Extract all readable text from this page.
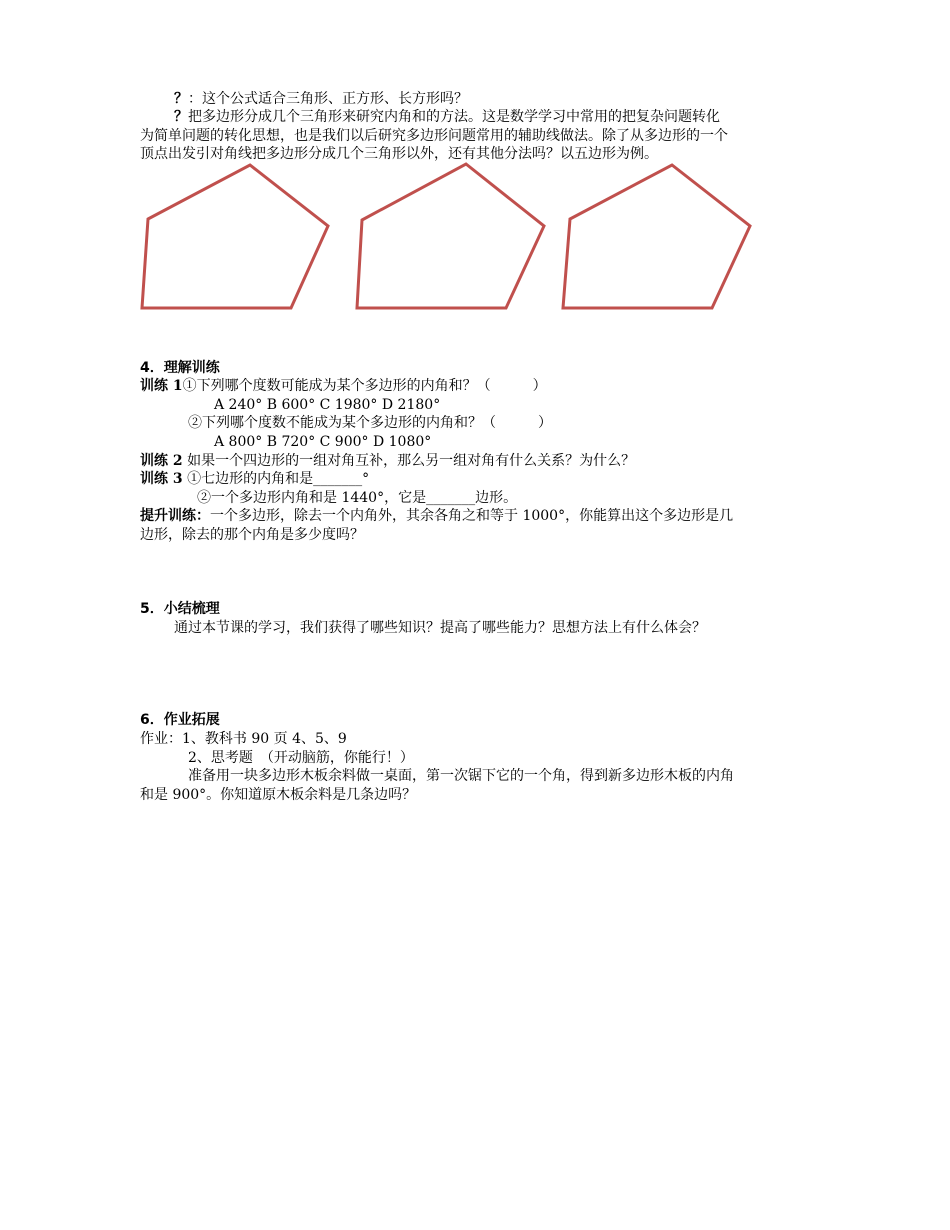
？：这个公式适合三角形、正方形、长方形吗？
？把多边形分成几个三角形来研究内角和的方法。这是数学学习中常用的把复杂问题转化
为简单问题的转化思想，也是我们以后研究多边形问题常用的辅助线做法。除了从多边形的一个
顶点出发引对角线把多边形分成几个三角形以外，还有其他分法吗？以五边形为例。
4．理解训练
训练 1①下列哪个度数可能成为某个多边形的内角和？（　　　）
A 240° B 600° C 1980° D 2180°
②下列哪个度数不能成为某个多边形的内角和？（　　　）
A 800° B 720° C 900° D 1080°
训练 2 如果一个四边形的一组对角互补，那么另一组对角有什么关系？为什么？
训练 3 ①七边形的内角和是_______°
②一个多边形内角和是 1440°，它是_______边形。
提升训练：一个多边形，除去一个内角外，其余各角之和等于 1000°，你能算出这个多边形是几
边形，除去的那个内角是多少度吗？
5．小结梳理
通过本节课的学习，我们获得了哪些知识？提高了哪些能力？思想方法上有什么体会？
6．作业拓展
作业：1、教科书 90 页 4、5、9
2、思考题　（开动脑筋，你能行！）
准备用一块多边形木板余料做一桌面，第一次锯下它的一个角，得到新多边形木板的内角
和是 900°。你知道原木板余料是几条边吗？
